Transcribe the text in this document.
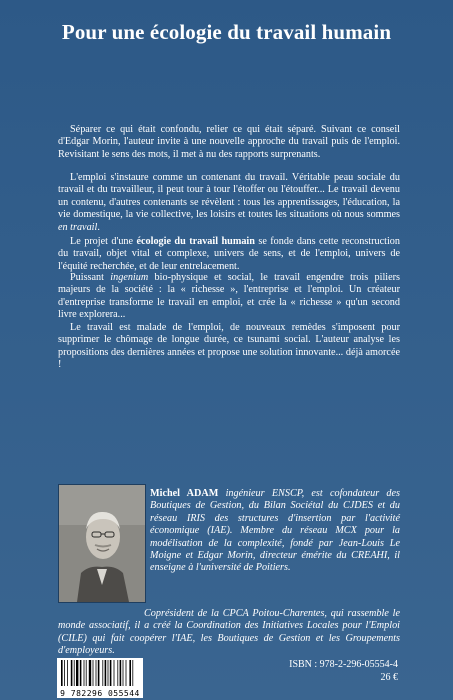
Pour une écologie du travail humain

Séparer ce qui était confondu, relier ce qui était séparé. Suivant ce conseil d'Edgar Morin, l'auteur invite à une nouvelle approche du travail puis de l'emploi. Revisitant le sens des mots, il met à nu des rapports surprenants.

L'emploi s'instaure comme un contenant du travail. Véritable peau sociale du travail et du travailleur, il peut tour à tour l'étoffer ou l'étouffer... Le travail devenu un contenu, d'autres contenants se révèlent : tous les apprentissages, l'éducation, la vie domestique, la vie collective, les loisirs et toutes les situations où nous sommes en travail.

Le projet d'une écologie du travail humain se fonde dans cette reconstruction du travail, objet vital et complexe, univers de sens, et de l'emploi, univers de l'équité recherchée, et de leur entrelacement.

Puissant ingenium bio-physique et social, le travail engendre trois piliers majeurs de la société : la « richesse », l'entreprise et l'emploi. Un créateur d'entreprise transforme le travail en emploi, et crée la « richesse » qu'un second livre explorera...

Le travail est malade de l'emploi, de nouveaux remèdes s'imposent pour supprimer le chômage de longue durée, ce tsunami social. L'auteur analyse les propositions des dernières années et propose une solution innovante... déjà amorcée !

Michel ADAM ingénieur ENSCP, est cofondateur des Boutiques de Gestion, du Bilan Sociétal du CJDES et du réseau IRIS des structures d'insertion par l'activité économique (IAE). Membre du réseau MCX pour la modélisation de la complexité, fondé par Jean-Louis Le Moigne et Edgar Morin, directeur émérite du CREAHI, il enseigne à l'université de Poitiers.
Coprésident de la CPCA Poitou-Charentes, qui rassemble le monde associatif, il a créé la Coordination des Initiatives Locales pour l'Emploi (CILE) qui fait coopérer l'IAE, les Boutiques de Gestion et les Groupements d'employeurs.
9 782296 055544
ISBN : 978-2-296-05554-4
26 €
